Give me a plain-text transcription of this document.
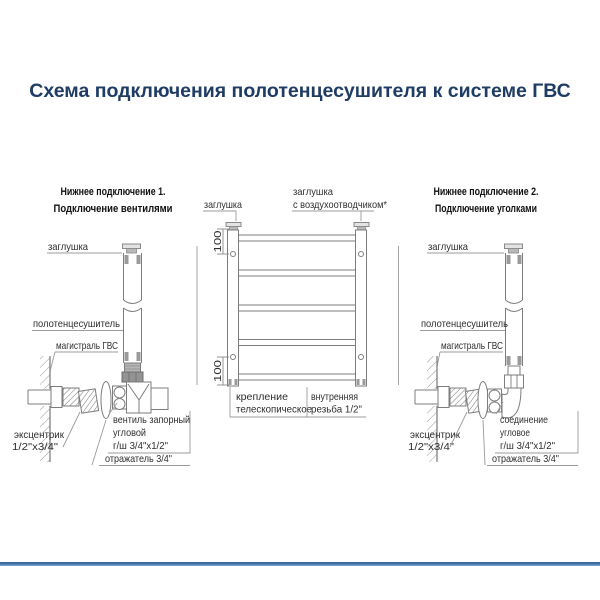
Схема подключения полотенцесушителя к системе ГВС
Нижнее подключение 1.
Подключение вентилями
заглушка
полотенцесушитель
магистраль ГВС
эксцентрик
1/2"х3/4"
вентиль запорный
угловой
г/ш 3/4"х1/2"
отражатель 3/4"
заглушка
заглушка
с воздухоотводчиком*
100
100
крепление
телескопическое
внутренняя
резьба 1/2"
Нижнее подключение 2.
Подключение уголками
заглушка
полотенцесушитель
магистраль ГВС
эксцентрик
1/2"х3/4"
соединение
угловое
г/ш 3/4"х1/2"
отражатель 3/4"
